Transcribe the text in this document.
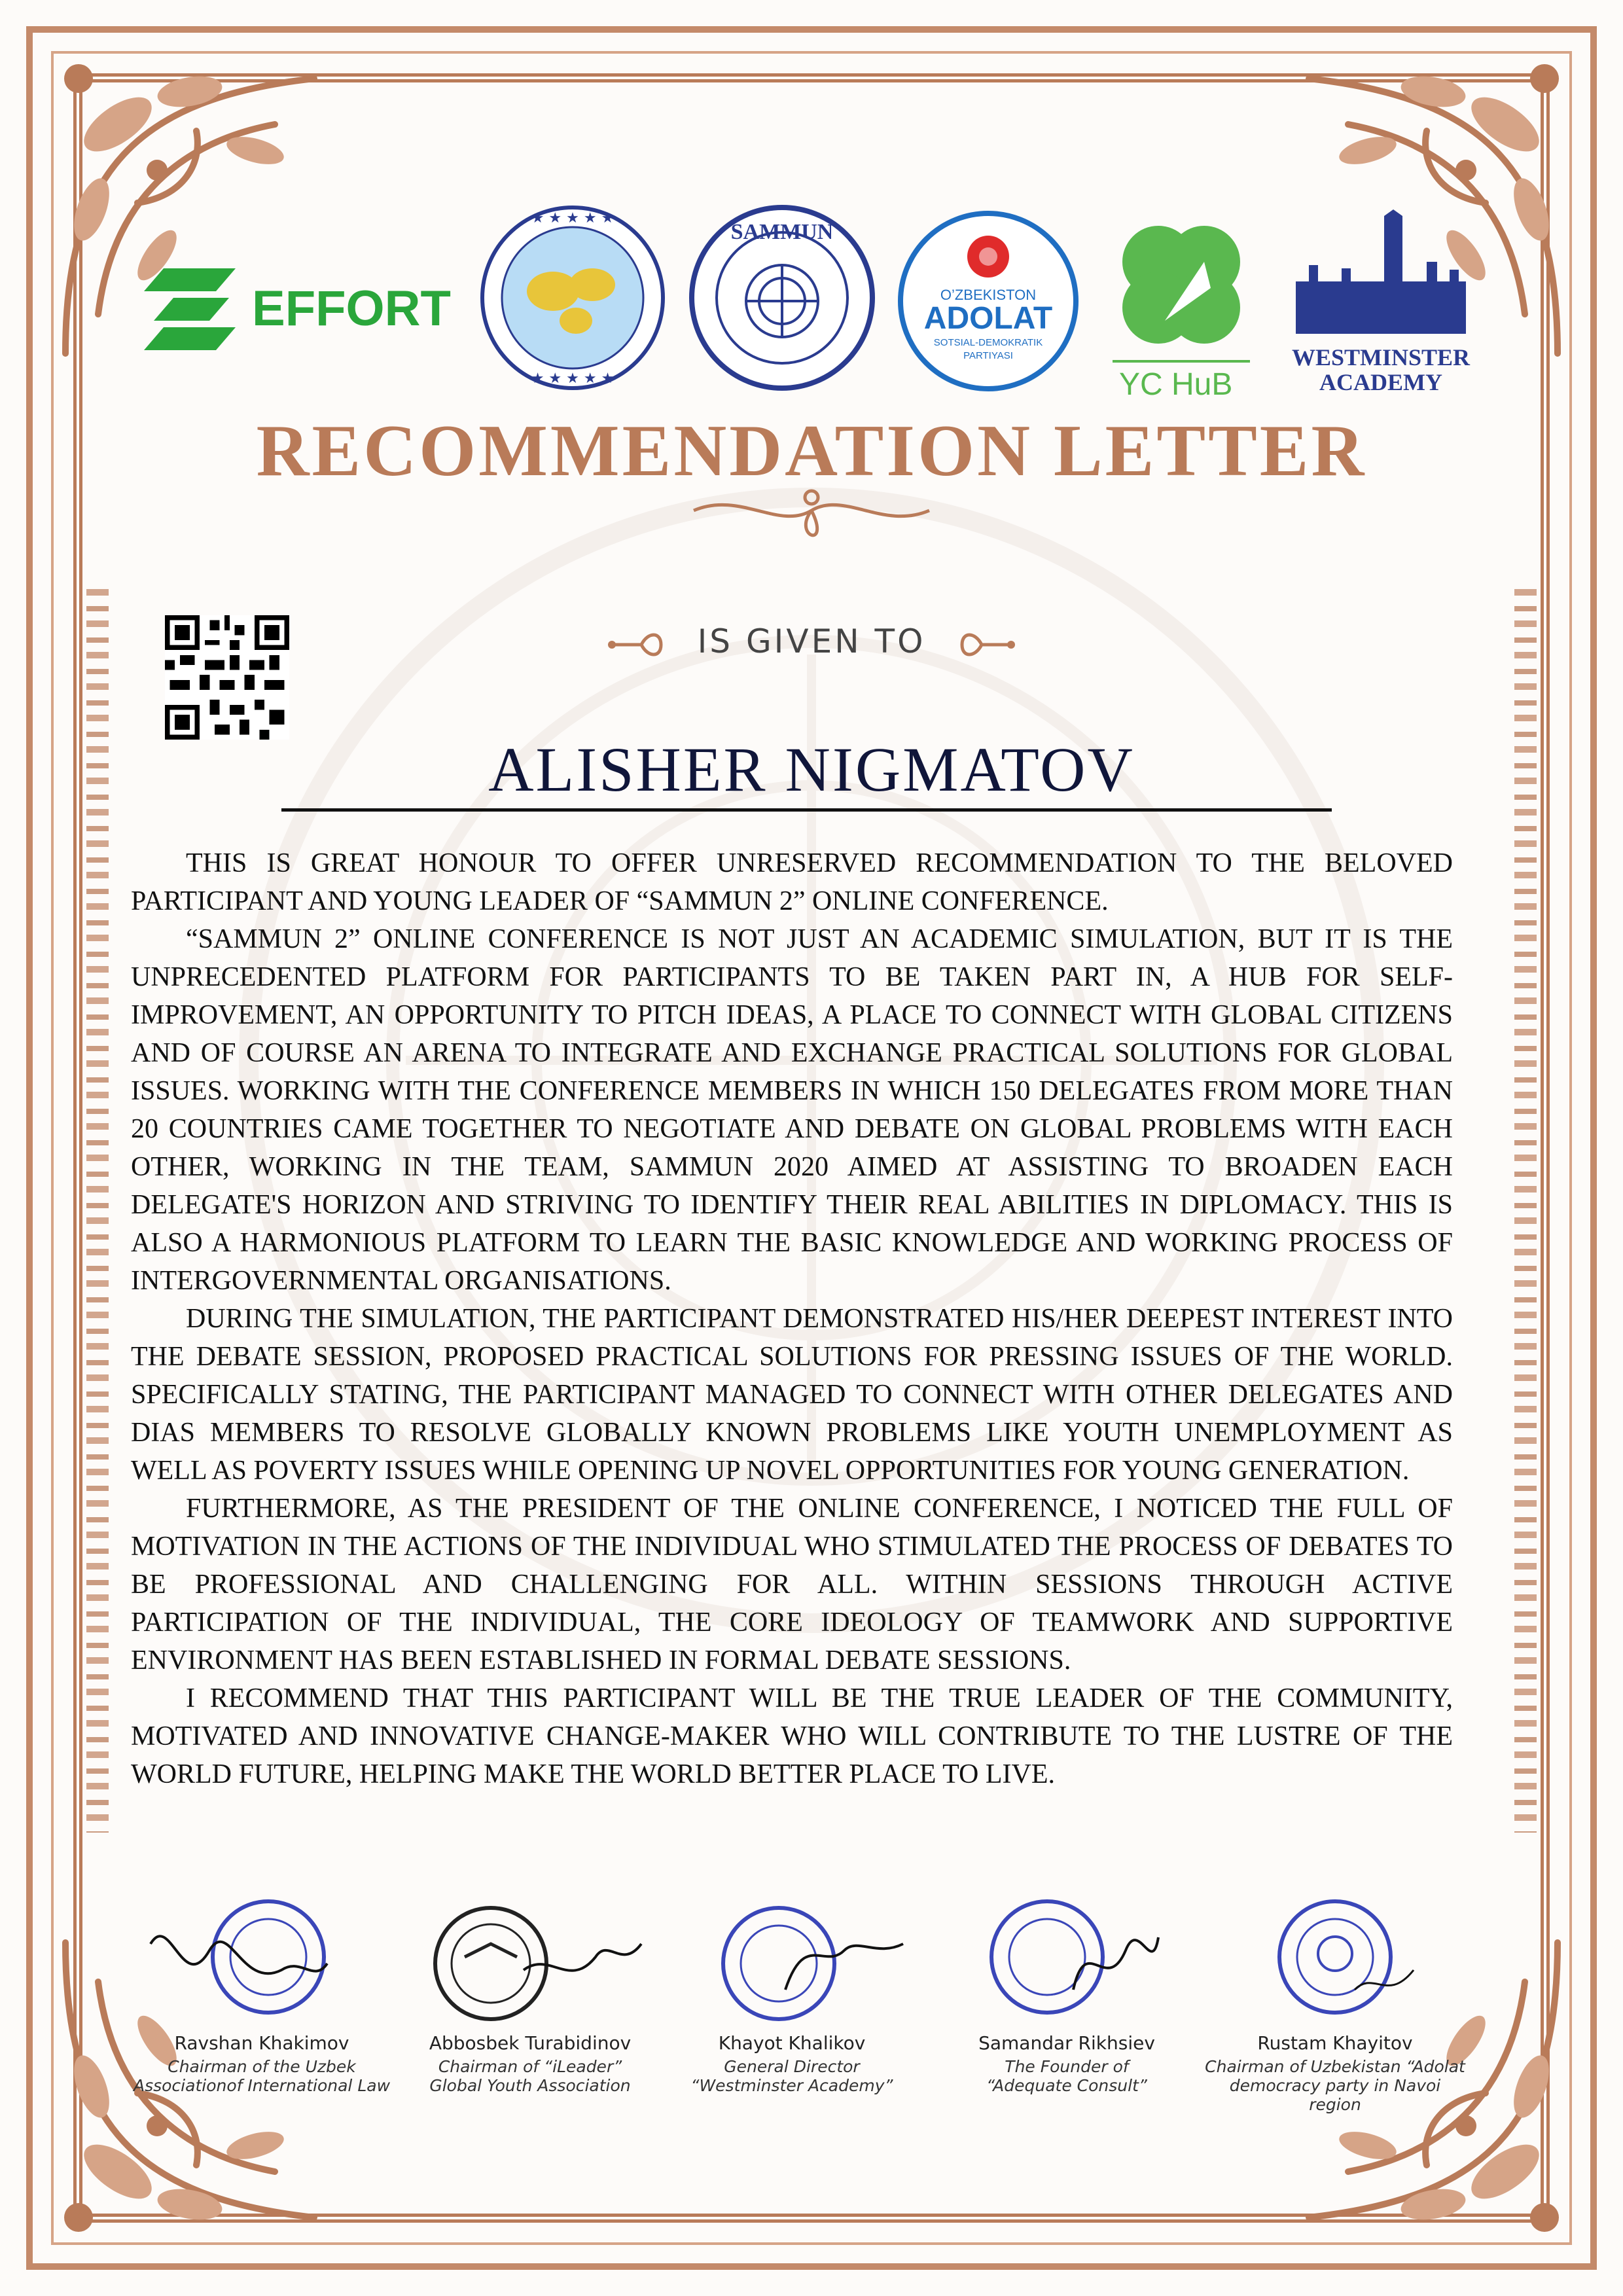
EFFORT
★ ★ ★ ★ ★
★ ★ ★ ★ ★
SAMMUN
O’ZBEKISTON
ADOLAT
SOTSIAL-DEMOKRATIK
PARTIYASI
YC HuB
WESTMINSTER
ACADEMY
RECOMMENDATION LETTER
IS GIVEN TO
ALISHER NIGMATOV

THIS IS GREAT HONOUR TO OFFER UNRESERVED RECOMMENDATION TO THE BELOVED PARTICIPANT AND YOUNG LEADER OF “SAMMUN 2” ONLINE CONFERENCE.

“SAMMUN 2” ONLINE CONFERENCE IS NOT JUST AN ACADEMIC SIMULATION, BUT IT IS THE UNPRECEDENTED PLATFORM FOR PARTICIPANTS TO BE TAKEN PART IN, A HUB FOR SELF-IMPROVEMENT, AN OPPORTUNITY TO PITCH IDEAS, A PLACE TO CONNECT WITH GLOBAL CITIZENS AND OF COURSE AN ARENA TO INTEGRATE AND EXCHANGE PRACTICAL SOLUTIONS FOR GLOBAL ISSUES. WORKING WITH THE CONFERENCE MEMBERS IN WHICH 150 DELEGATES FROM MORE THAN 20 COUNTRIES CAME TOGETHER TO NEGOTIATE AND DEBATE ON GLOBAL PROBLEMS WITH EACH OTHER, WORKING IN THE TEAM, SAMMUN 2020 AIMED AT ASSISTING TO BROADEN EACH DELEGATE'S HORIZON AND STRIVING TO IDENTIFY THEIR REAL ABILITIES IN DIPLOMACY. THIS IS ALSO A HARMONIOUS PLATFORM TO LEARN THE BASIC KNOWLEDGE AND WORKING PROCESS OF INTERGOVERNMENTAL ORGANISATIONS.

DURING THE SIMULATION, THE PARTICIPANT DEMONSTRATED HIS/HER DEEPEST INTEREST INTO THE DEBATE SESSION, PROPOSED PRACTICAL SOLUTIONS FOR PRESSING ISSUES OF THE WORLD. SPECIFICALLY STATING, THE PARTICIPANT MANAGED TO CONNECT WITH OTHER DELEGATES AND DIAS MEMBERS TO RESOLVE GLOBALLY KNOWN PROBLEMS LIKE YOUTH UNEMPLOYMENT AS WELL AS POVERTY ISSUES WHILE OPENING UP NOVEL OPPORTUNITIES FOR YOUNG GENERATION.

FURTHERMORE, AS THE PRESIDENT OF THE ONLINE CONFERENCE, I NOTICED THE FULL OF MOTIVATION IN THE ACTIONS OF THE INDIVIDUAL WHO STIMULATED THE PROCESS OF DEBATES TO BE PROFESSIONAL AND CHALLENGING FOR ALL. WITHIN SESSIONS THROUGH ACTIVE PARTICIPATION OF THE INDIVIDUAL, THE CORE IDEOLOGY OF TEAMWORK AND SUPPORTIVE ENVIRONMENT HAS BEEN ESTABLISHED IN FORMAL DEBATE SESSIONS.

I RECOMMEND THAT THIS PARTICIPANT WILL BE THE TRUE LEADER OF THE COMMUNITY, MOTIVATED AND INNOVATIVE CHANGE-MAKER WHO WILL CONTRIBUTE TO THE LUSTRE OF THE WORLD FUTURE, HELPING MAKE THE WORLD BETTER PLACE TO LIVE.

Ravshan Khakimov
Chairman of the Uzbek
Associationof International Law
Abbosbek Turabidinov
Chairman of “iLeader”
Global Youth Association
Khayot Khalikov
General Director
“Westminster Academy”
Samandar Rikhsiev
The Founder of
“Adequate Consult”
Rustam Khayitov
Chairman of Uzbekistan “Adolat
democracy party in Navoi region
